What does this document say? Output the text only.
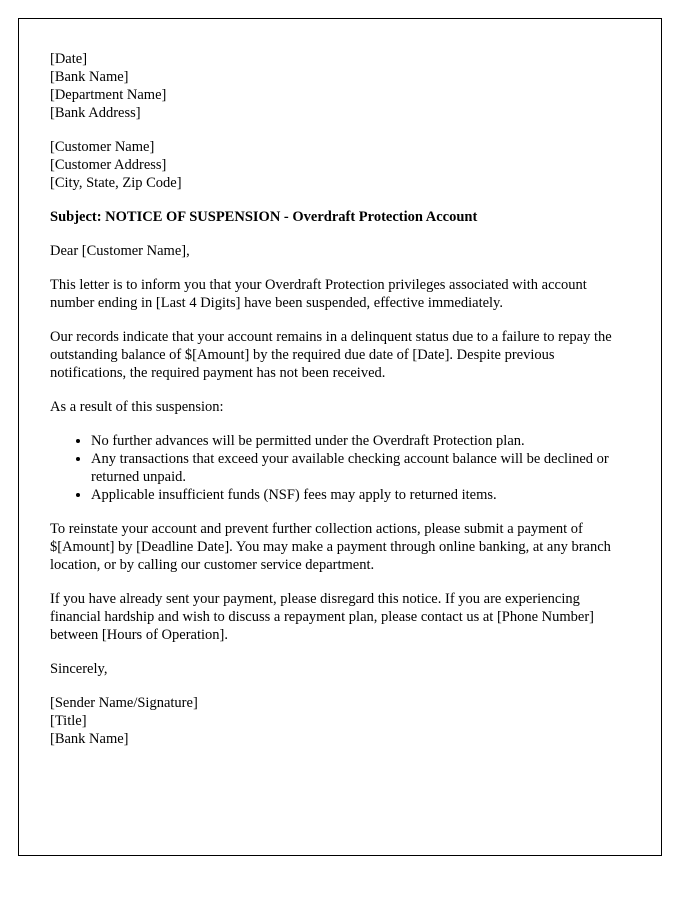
[Date]
[Bank Name]
[Department Name]
[Bank Address]
[Customer Name]
[Customer Address]
[City, State, Zip Code]
Subject: NOTICE OF SUSPENSION - Overdraft Protection Account
Dear [Customer Name],
This letter is to inform you that your Overdraft Protection privileges associated with account number ending in [Last 4 Digits] have been suspended, effective immediately.
Our records indicate that your account remains in a delinquent status due to a failure to repay the outstanding balance of $[Amount] by the required due date of [Date]. Despite previous notifications, the required payment has not been received.
As a result of this suspension:
• No further advances will be permitted under the Overdraft Protection plan.
• Any transactions that exceed your available checking account balance will be declined or returned unpaid.
• Applicable insufficient funds (NSF) fees may apply to returned items.
To reinstate your account and prevent further collection actions, please submit a payment of $[Amount] by [Deadline Date]. You may make a payment through online banking, at any branch location, or by calling our customer service department.
If you have already sent your payment, please disregard this notice. If you are experiencing financial hardship and wish to discuss a repayment plan, please contact us at [Phone Number] between [Hours of Operation].
Sincerely,
[Sender Name/Signature]
[Title]
[Bank Name]
